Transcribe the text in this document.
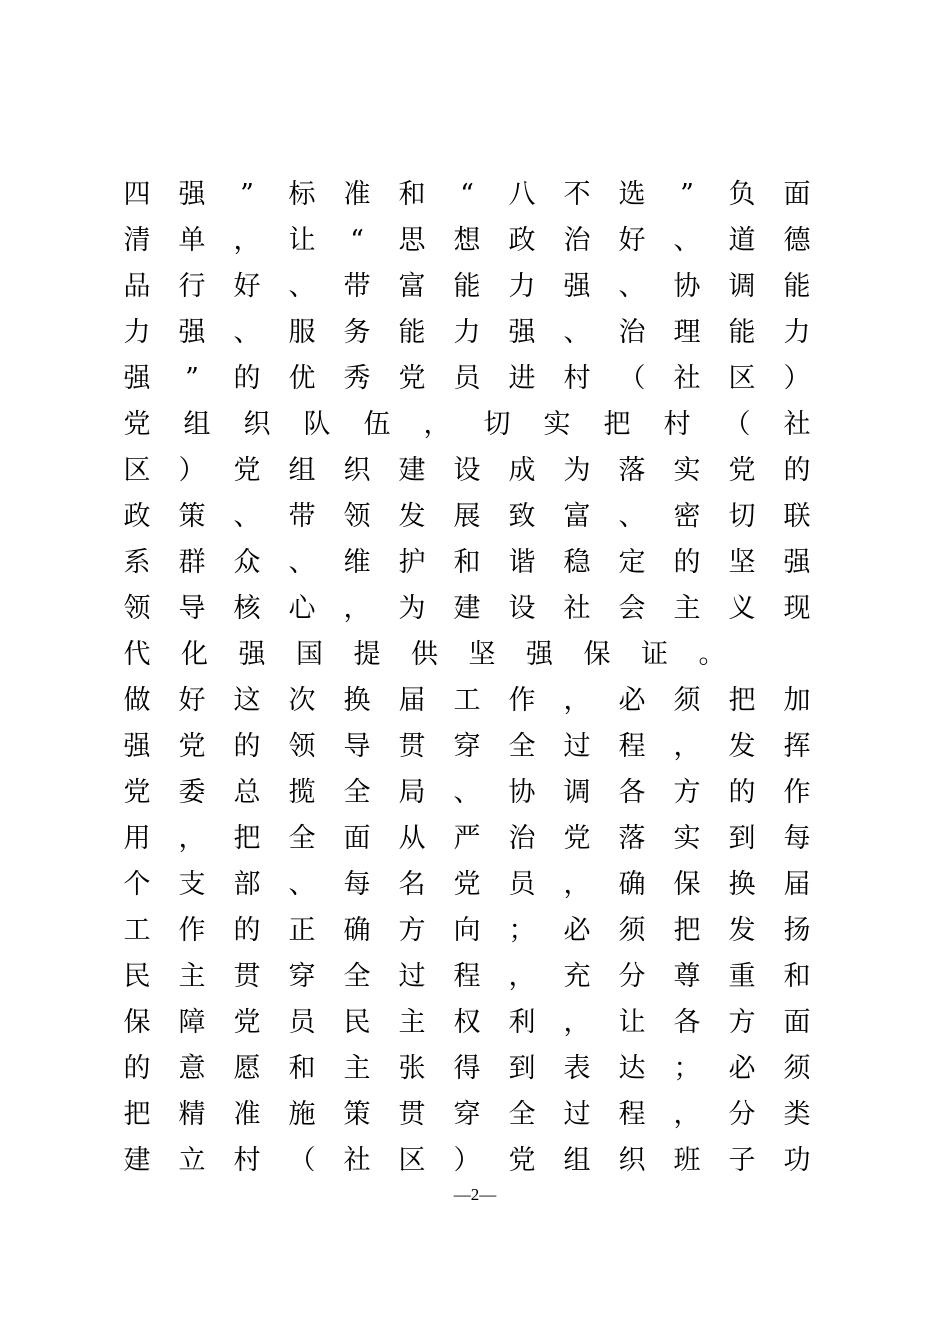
四 强 ” 标 准 和 “ 八 不 选 ” 负 面
清 单 ， 让 “ 思 想 政 治 好 、 道 德
品 行 好 、 带 富 能 力 强 、 协 调 能
力 强 、 服 务 能 力 强 、 治 理 能 力
强 ” 的 优 秀 党 员 进 村 （ 社 区 ）
党 组 织 队 伍 ， 切 实 把 村 （ 社
区 ） 党 组 织 建 设 成 为 落 实 党 的
政 策 、 带 领 发 展 致 富 、 密 切 联
系 群 众 、 维 护 和 谐 稳 定 的 坚 强
领 导 核 心 ， 为 建 设 社 会 主 义 现
代 化 强 国 提 供 坚 强 保 证 。
做 好 这 次 换 届 工 作 ， 必 须 把 加
强 党 的 领 导 贯 穿 全 过 程 ， 发 挥
党 委 总 揽 全 局 、 协 调 各 方 的 作
用 ， 把 全 面 从 严 治 党 落 实 到 每
个 支 部 、 每 名 党 员 ， 确 保 换 届
工 作 的 正 确 方 向 ； 必 须 把 发 扬
民 主 贯 穿 全 过 程 ， 充 分 尊 重 和
保 障 党 员 民 主 权 利 ， 让 各 方 面
的 意 愿 和 主 张 得 到 表 达 ； 必 须
把 精 准 施 策 贯 穿 全 过 程 ， 分 类
建 立 村 （ 社 区 ） 党 组 织 班 子 功
—2—
